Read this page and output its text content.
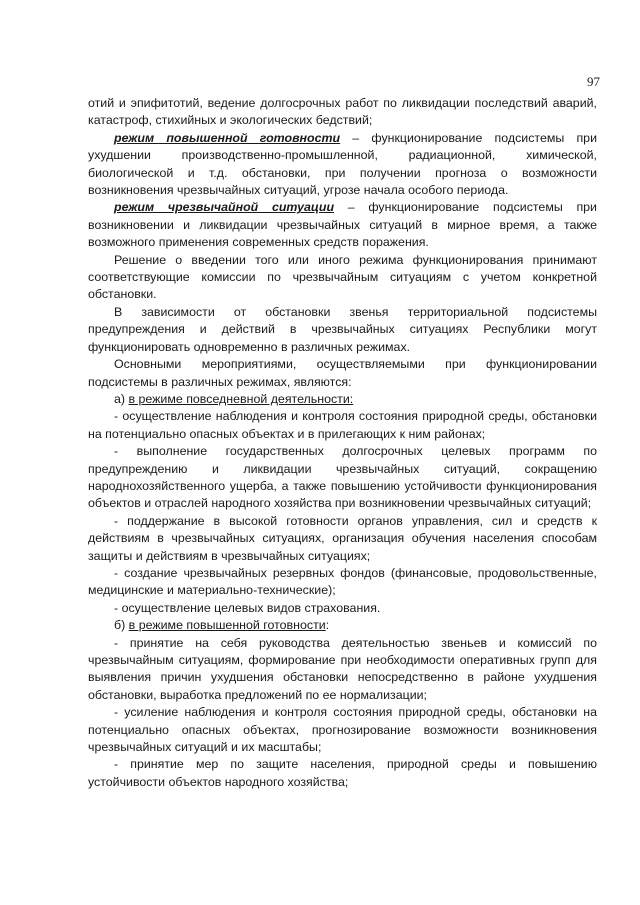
97

отий и эпифитотий, ведение долгосрочных работ по ликвидации последствий аварий, катастроф, стихийных и экологических бедствий;

режим повышенной готовности – функционирование подсистемы при ухудшении производственно-промышленной, радиационной, химической, биологической и т.д. обстановки, при получении прогноза о возможности возникновения чрезвычайных ситуаций, угрозе начала особого периода.

режим чрезвычайной ситуации – функционирование подсистемы при возникновении и ликвидации чрезвычайных ситуаций в мирное время, а также возможного применения современных средств поражения.

Решение о введении того или иного режима функционирования принимают соответствующие комиссии по чрезвычайным ситуациям с учетом конкретной обстановки.

В зависимости от обстановки звенья территориальной подсистемы предупреждения и действий в чрезвычайных ситуациях Республики могут функционировать одновременно в различных режимах.

Основными мероприятиями, осуществляемыми при функционировании подсистемы в различных режимах, являются:

а) в режиме повседневной деятельности:

- осуществление наблюдения и контроля состояния природной среды, обстановки на потенциально опасных объектах и в прилегающих к ним районах;

- выполнение государственных долгосрочных целевых программ по предупреждению и ликвидации чрезвычайных ситуаций, сокращению народнохозяйственного ущерба, а также повышению устойчивости функционирования объектов и отраслей народного хозяйства при возникновении чрезвычайных ситуаций;

- поддержание в высокой готовности органов управления, сил и средств к действиям в чрезвычайных ситуациях, организация обучения населения способам защиты и действиям в чрезвычайных ситуациях;

- создание чрезвычайных резервных фондов (финансовые, продовольственные, медицинские и материально-технические);

- осуществление целевых видов страхования.

б) в режиме повышенной готовности:

- принятие на себя руководства деятельностью звеньев и комиссий по чрезвычайным ситуациям, формирование при необходимости оперативных групп для выявления причин ухудшения обстановки непосредственно в районе ухудшения обстановки, выработка предложений по ее нормализации;

- усиление наблюдения и контроля состояния природной среды, обстановки на потенциально опасных объектах, прогнозирование возможности возникновения чрезвычайных ситуаций и их масштабы;

- принятие мер по защите населения, природной среды и повышению устойчивости объектов народного хозяйства;
